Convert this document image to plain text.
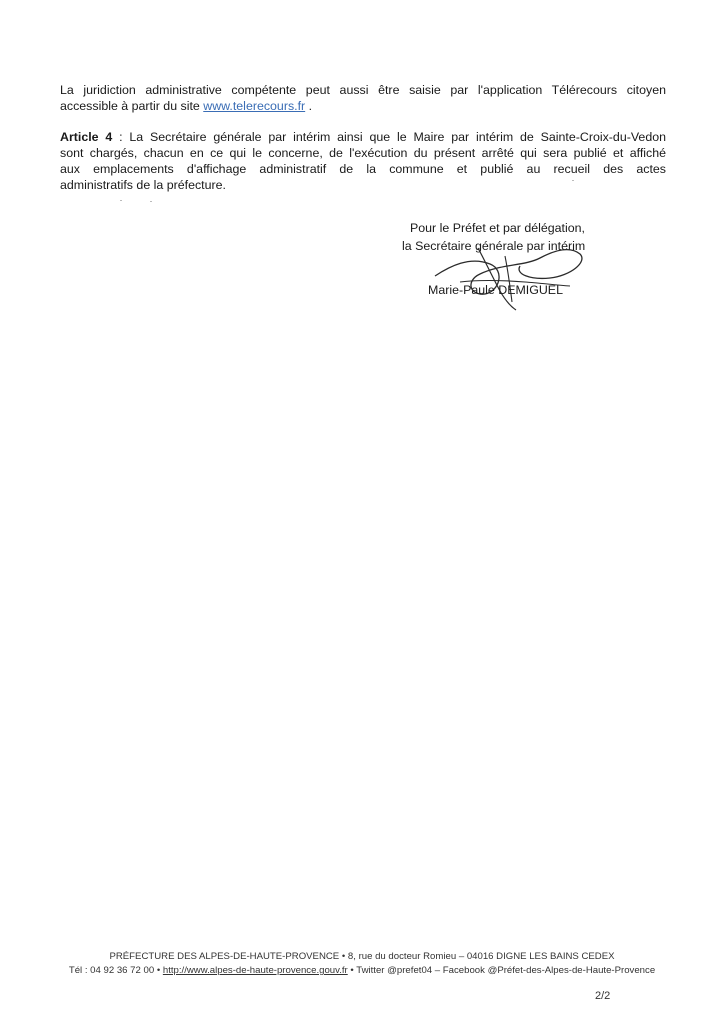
La juridiction administrative compétente peut aussi être saisie par l'application Télérecours citoyen
accessible à partir du site www.telerecours.fr .

Article 4 : La Secrétaire générale par intérim ainsi que le Maire par intérim de Sainte-Croix-du-Vedon
sont chargés, chacun en ce qui le concerne, de l'exécution du présent arrêté qui sera publié et affiché
aux emplacements d'affichage administratif de la commune et publié au recueil des actes
administratifs de la préfecture.

Pour le Préfet et par délégation,
la Secrétaire générale par intérim
Marie-Paule DEMIGUEL
PRÉFECTURE DES ALPES-DE-HAUTE-PROVENCE • 8, rue du docteur Romieu – 04016 DIGNE LES BAINS CEDEX
Tél : 04 92 36 72 00 • http://www.alpes-de-haute-provence.gouv.fr • Twitter @prefet04 – Facebook @Préfet-des-Alpes-de-Haute-Provence
2/2
